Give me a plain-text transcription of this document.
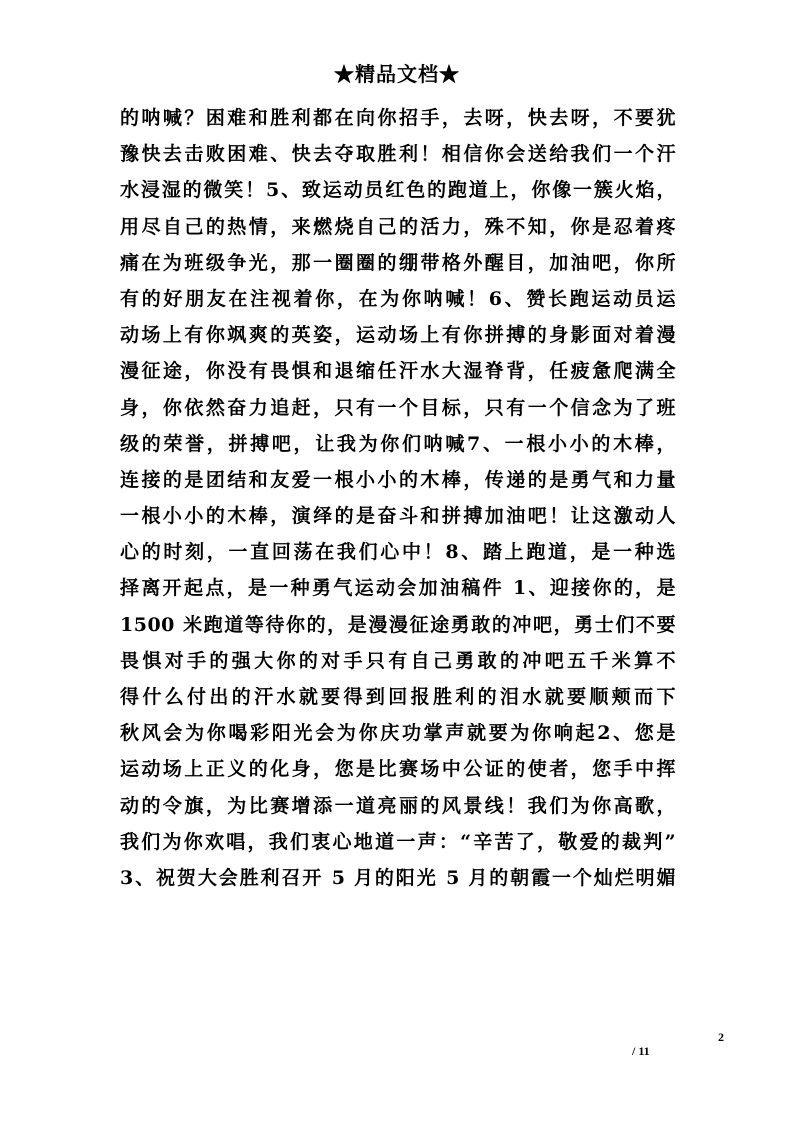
★精品文档★
的呐喊？困难和胜利都在向你招手，去呀，快去呀，不要犹
豫快去击败困难、快去夺取胜利！相信你会送给我们一个汗
水浸湿的微笑！5、致运动员红色的跑道上，你像一簇火焰，
用尽自己的热情，来燃烧自己的活力，殊不知，你是忍着疼
痛在为班级争光，那一圈圈的绷带格外醒目，加油吧，你所
有的好朋友在注视着你，在为你呐喊！6、赞长跑运动员运
动场上有你飒爽的英姿，运动场上有你拼搏的身影面对着漫
漫征途，你没有畏惧和退缩任汗水大湿脊背，任疲惫爬满全
身，你依然奋力追赶，只有一个目标，只有一个信念为了班
级的荣誉，拼搏吧，让我为你们呐喊7、一根小小的木棒，
连接的是团结和友爱一根小小的木棒，传递的是勇气和力量
一根小小的木棒，演绎的是奋斗和拼搏加油吧！让这激动人
心的时刻，一直回荡在我们心中！8、踏上跑道，是一种选
择离开起点，是一种勇气运动会加油稿件 1、迎接你的，是
1500 米跑道等待你的，是漫漫征途勇敢的冲吧，勇士们不要
畏惧对手的强大你的对手只有自己勇敢的冲吧五千米算不
得什么付出的汗水就要得到回报胜利的泪水就要顺颊而下
秋风会为你喝彩阳光会为你庆功掌声就要为你响起2、您是
运动场上正义的化身，您是比赛场中公证的使者，您手中挥
动的令旗，为比赛增添一道亮丽的风景线！我们为你高歌，
我们为你欢唱，我们衷心地道一声：“辛苦了，敬爱的裁判”
3、祝贺大会胜利召开 5 月的阳光 5 月的朝霞一个灿烂明媚
2
/ 11
